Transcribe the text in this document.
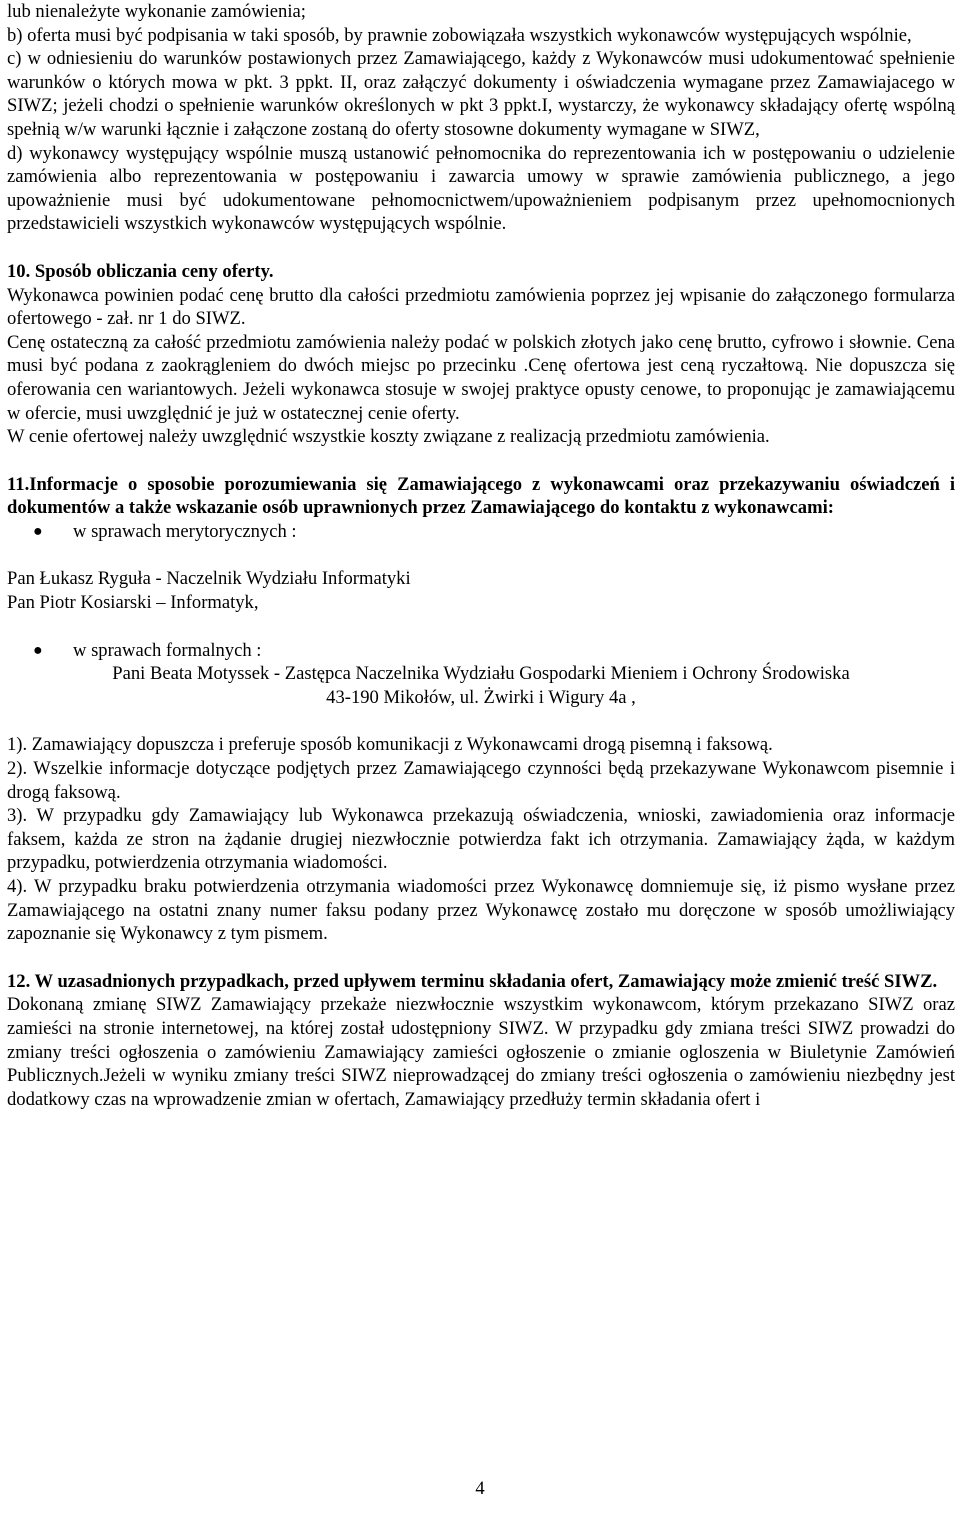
lub nienależyte wykonanie zamówienia;

b) oferta musi być podpisania w taki sposób, by prawnie zobowiązała wszystkich wykonawców występujących wspólnie,

c) w odniesieniu do warunków postawionych przez Zamawiającego, każdy z Wykonawców musi udokumentować spełnienie warunków o których mowa w pkt. 3 ppkt. II, oraz załączyć dokumenty i oświadczenia wymagane przez Zamawiajacego w SIWZ; jeżeli chodzi o spełnienie warunków określonych w pkt 3 ppkt.I, wystarczy, że wykonawcy składający ofertę wspólną spełnią w/w warunki łącznie i załączone zostaną do oferty stosowne dokumenty wymagane w SIWZ,

d) wykonawcy występujący wspólnie muszą ustanowić pełnomocnika do reprezentowania ich w postępowaniu o udzielenie zamówienia albo reprezentowania w postępowaniu i zawarcia umowy w sprawie zamówienia publicznego, a jego upoważnienie musi być udokumentowane pełnomocnictwem/upoważnieniem podpisanym przez upełnomocnionych przedstawicieli wszystkich wykonawców występujących wspólnie.

10. Sposób obliczania ceny oferty.

Wykonawca powinien podać cenę brutto dla całości przedmiotu zamówienia poprzez jej wpisanie do załączonego formularza ofertowego - zał. nr 1 do SIWZ.

Cenę ostateczną za całość przedmiotu zamówienia należy podać w polskich złotych jako cenę brutto, cyfrowo i słownie. Cena musi być podana z zaokrągleniem do dwóch miejsc po przecinku .Cenę ofertowa jest ceną ryczałtową. Nie dopuszcza się oferowania cen wariantowych. Jeżeli wykonawca stosuje w swojej praktyce opusty cenowe, to proponując je zamawiającemu w ofercie, musi uwzględnić je już w ostatecznej cenie oferty.

W cenie ofertowej należy uwzględnić wszystkie koszty związane z realizacją przedmiotu zamówienia.

11.Informacje o sposobie porozumiewania się Zamawiającego z wykonawcami oraz przekazywaniu oświadczeń i dokumentów a także wskazanie osób uprawnionych przez Zamawiającego do kontaktu z wykonawcami:

● w sprawach merytorycznych :

Pan Łukasz Ryguła - Naczelnik Wydziału Informatyki

Pan Piotr Kosiarski – Informatyk,

● w sprawach formalnych :

Pani Beata Motyssek - Zastępca Naczelnika Wydziału Gospodarki Mieniem i Ochrony Środowiska

43-190 Mikołów, ul. Żwirki i Wigury 4a ,

1). Zamawiający dopuszcza i preferuje sposób komunikacji z Wykonawcami drogą pisemną i faksową.

2). Wszelkie informacje dotyczące podjętych przez Zamawiającego czynności będą przekazywane Wykonawcom pisemnie i drogą faksową.

3). W przypadku gdy Zamawiający lub Wykonawca przekazują oświadczenia, wnioski, zawiadomienia oraz informacje faksem, każda ze stron na żądanie drugiej niezwłocznie potwierdza fakt ich otrzymania. Zamawiający żąda, w każdym przypadku, potwierdzenia otrzymania wiadomości.

4). W przypadku braku potwierdzenia otrzymania wiadomości przez Wykonawcę domniemuje się, iż pismo wysłane przez Zamawiającego na ostatni znany numer faksu podany przez Wykonawcę zostało mu doręczone w sposób umożliwiający zapoznanie się Wykonawcy z tym pismem.

12. W uzasadnionych przypadkach, przed upływem terminu składania ofert, Zamawiający może zmienić treść SIWZ.

Dokonaną zmianę SIWZ Zamawiający przekaże niezwłocznie wszystkim wykonawcom, którym przekazano SIWZ oraz zamieści na stronie internetowej, na której został udostępniony SIWZ. W przypadku gdy zmiana treści SIWZ prowadzi do zmiany treści ogłoszenia o zamówieniu Zamawiający zamieści ogłoszenie o zmianie ogloszenia w Biuletynie Zamówień Publicznych.Jeżeli w wyniku zmiany treści SIWZ nieprowadzącej do zmiany treści ogłoszenia o zamówieniu niezbędny jest dodatkowy czas na wprowadzenie zmian w ofertach, Zamawiający przedłuży termin składania ofert i

4
